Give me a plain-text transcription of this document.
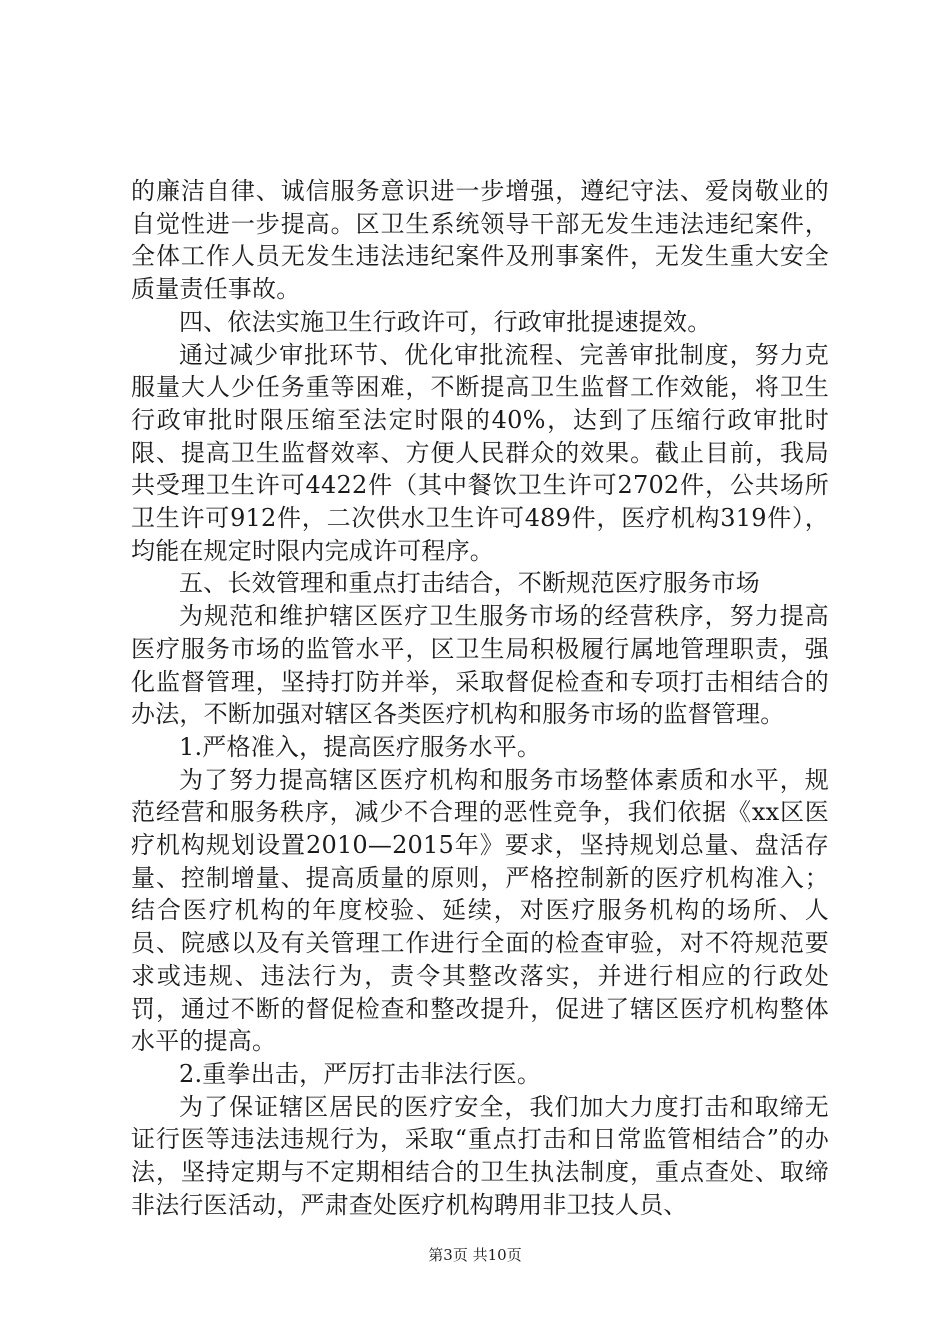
的廉洁自律、诚信服务意识进一步增强，遵纪守法、爱岗敬业的自觉性进一步提高。区卫生系统领导干部无发生违法违纪案件，全体工作人员无发生违法违纪案件及刑事案件，无发生重大安全质量责任事故。

四、依法实施卫生行政许可，行政审批提速提效。

通过减少审批环节、优化审批流程、完善审批制度，努力克服量大人少任务重等困难，不断提高卫生监督工作效能，将卫生行政审批时限压缩至法定时限的40%，达到了压缩行政审批时限、提高卫生监督效率、方便人民群众的效果。截止目前，我局共受理卫生许可4422件（其中餐饮卫生许可2702件，公共场所卫生许可912件，二次供水卫生许可489件，医疗机构319件），均能在规定时限内完成许可程序。

五、长效管理和重点打击结合，不断规范医疗服务市场

为规范和维护辖区医疗卫生服务市场的经营秩序，努力提高医疗服务市场的监管水平，区卫生局积极履行属地管理职责，强化监督管理，坚持打防并举，采取督促检查和专项打击相结合的办法，不断加强对辖区各类医疗机构和服务市场的监督管理。

1.严格准入，提高医疗服务水平。

为了努力提高辖区医疗机构和服务市场整体素质和水平，规范经营和服务秩序，减少不合理的恶性竞争，我们依据《xx区医疗机构规划设置2010—2015年》要求，坚持规划总量、盘活存量、控制增量、提高质量的原则，严格控制新的医疗机构准入；结合医疗机构的年度校验、延续，对医疗服务机构的场所、人员、院感以及有关管理工作进行全面的检查审验，对不符规范要求或违规、违法行为，责令其整改落实，并进行相应的行政处罚，通过不断的督促检查和整改提升，促进了辖区医疗机构整体水平的提高。

2.重拳出击，严厉打击非法行医。

为了保证辖区居民的医疗安全，我们加大力度打击和取缔无证行医等违法违规行为，采取“重点打击和日常监管相结合”的办法，坚持定期与不定期相结合的卫生执法制度，重点查处、取缔非法行医活动，严肃查处医疗机构聘用非卫技人员、

第3页 共10页
